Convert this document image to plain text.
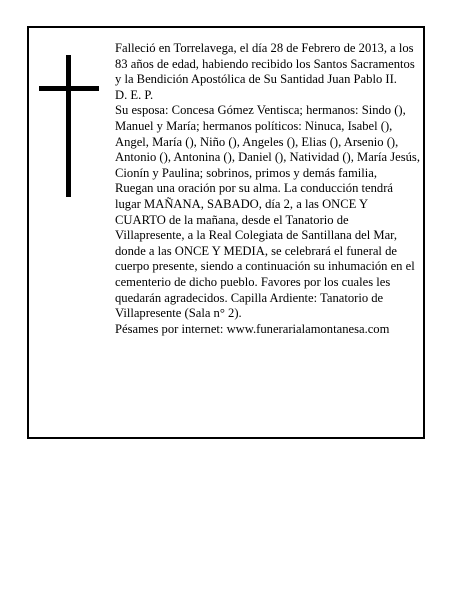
Falleció en Torrelavega, el día 28 de Febrero de 2013, a los 83 años de edad, habiendo recibido los Santos Sacramentos y la Bendición Apostólica de Su Santidad Juan Pablo II.

D. E. P.

Su esposa: Concesa Gómez Ventisca; hermanos: Sindo (), Manuel y María; hermanos políticos: Ninuca, Isabel (), Angel, María (), Niño (), Angeles (), Elias (), Arsenio (), Antonio (), Antonina (), Daniel (), Natividad (), María Jesús, Cionín y Paulina; sobrinos, primos y demás familia,

Ruegan una oración por su alma. La conducción tendrá lugar MAÑANA, SABADO, día 2, a las ONCE Y CUARTO de la mañana, desde el Tanatorio de Villapresente, a la Real Colegiata de Santillana del Mar, donde a las ONCE Y MEDIA, se celebrará el funeral de cuerpo presente, siendo a continuación su inhumación en el cementerio de dicho pueblo. Favores por los cuales les quedarán agradecidos. Capilla Ardiente: Tanatorio de Villapresente (Sala n° 2).

Pésames por internet: www.funerarialamontanesa.com
